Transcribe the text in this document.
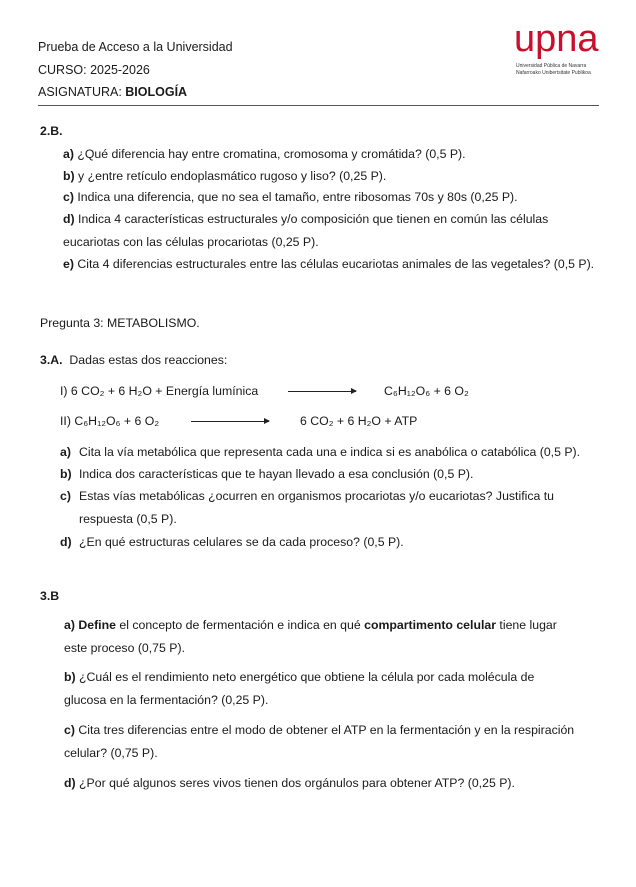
Prueba de Acceso a la Universidad
CURSO: 2025-2026
ASIGNATURA: BIOLOGÍA
upna
Universidad Pública de Navarra
Nafarroako Unibertsitate Publikoa
2.B.
a) ¿Qué diferencia hay entre cromatina, cromosoma y cromátida? (0,5 P).
b) y ¿entre retículo endoplasmático rugoso y liso? (0,25 P).
c) Indica una diferencia, que no sea el tamaño, entre ribosomas 70s y 80s (0,25 P).
d) Indica 4 características estructurales y/o composición que tienen en común las células
eucariotas con las células procariotas (0,25 P).
e) Cita 4 diferencias estructurales entre las células eucariotas animales de las vegetales? (0,5 P).
Pregunta 3: METABOLISMO.
3.A. Dadas estas dos reacciones:
I) 6 CO₂ + 6 H₂O + Energía lumínica	C₆H₁₂O₆ + 6 O₂
II) C₆H₁₂O₆ + 6 O₂	6 CO₂ + 6 H₂O + ATP
a) Cita la vía metabólica que representa cada una e indica si es anabólica o catabólica (0,5 P).
b) Indica dos características que te hayan llevado a esa conclusión (0,5 P).
c) Estas vías metabólicas ¿ocurren en organismos procariotas y/o eucariotas? Justifica tu
respuesta (0,5 P).
d) ¿En qué estructuras celulares se da cada proceso? (0,5 P).
3.B
a) Define el concepto de fermentación e indica en qué compartimento celular tiene lugar
este proceso (0,75 P).
b) ¿Cuál es el rendimiento neto energético que obtiene la célula por cada molécula de
glucosa en la fermentación? (0,25 P).
c) Cita tres diferencias entre el modo de obtener el ATP en la fermentación y en la respiración
celular? (0,75 P).
d) ¿Por qué algunos seres vivos tienen dos orgánulos para obtener ATP? (0,25 P).
